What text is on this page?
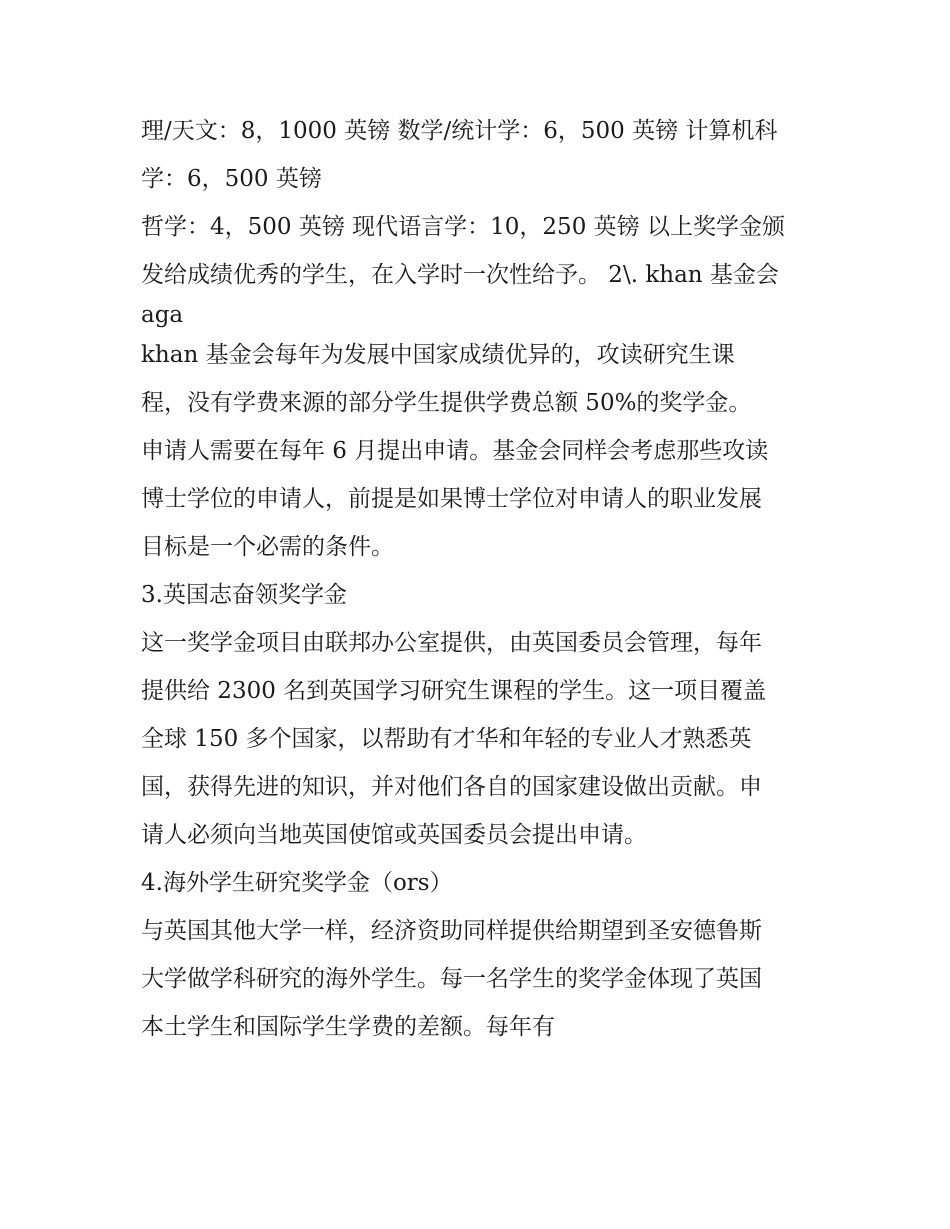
理/天文：8，1000 英镑 数学/统计学：6，500 英镑 计算机科
学：6，500 英镑
哲学：4，500 英镑 现代语言学：10，250 英镑 以上奖学金颁
发给成绩优秀的学生，在入学时一次性给予。 2\. khan 基金会
aga
khan 基金会每年为发展中国家成绩优异的，攻读研究生课
程，没有学费来源的部分学生提供学费总额 50%的奖学金。
申请人需要在每年 6 月提出申请。基金会同样会考虑那些攻读
博士学位的申请人，前提是如果博士学位对申请人的职业发展
目标是一个必需的条件。
3.英国志奋领奖学金
这一奖学金项目由联邦办公室提供，由英国委员会管理，每年
提供给 2300 名到英国学习研究生课程的学生。这一项目覆盖
全球 150 多个国家，以帮助有才华和年轻的专业人才熟悉英
国，获得先进的知识，并对他们各自的国家建设做出贡献。申
请人必须向当地英国使馆或英国委员会提出申请。
4.海外学生研究奖学金（ors）
与英国其他大学一样，经济资助同样提供给期望到圣安德鲁斯
大学做学科研究的海外学生。每一名学生的奖学金体现了英国
本土学生和国际学生学费的差额。每年有
